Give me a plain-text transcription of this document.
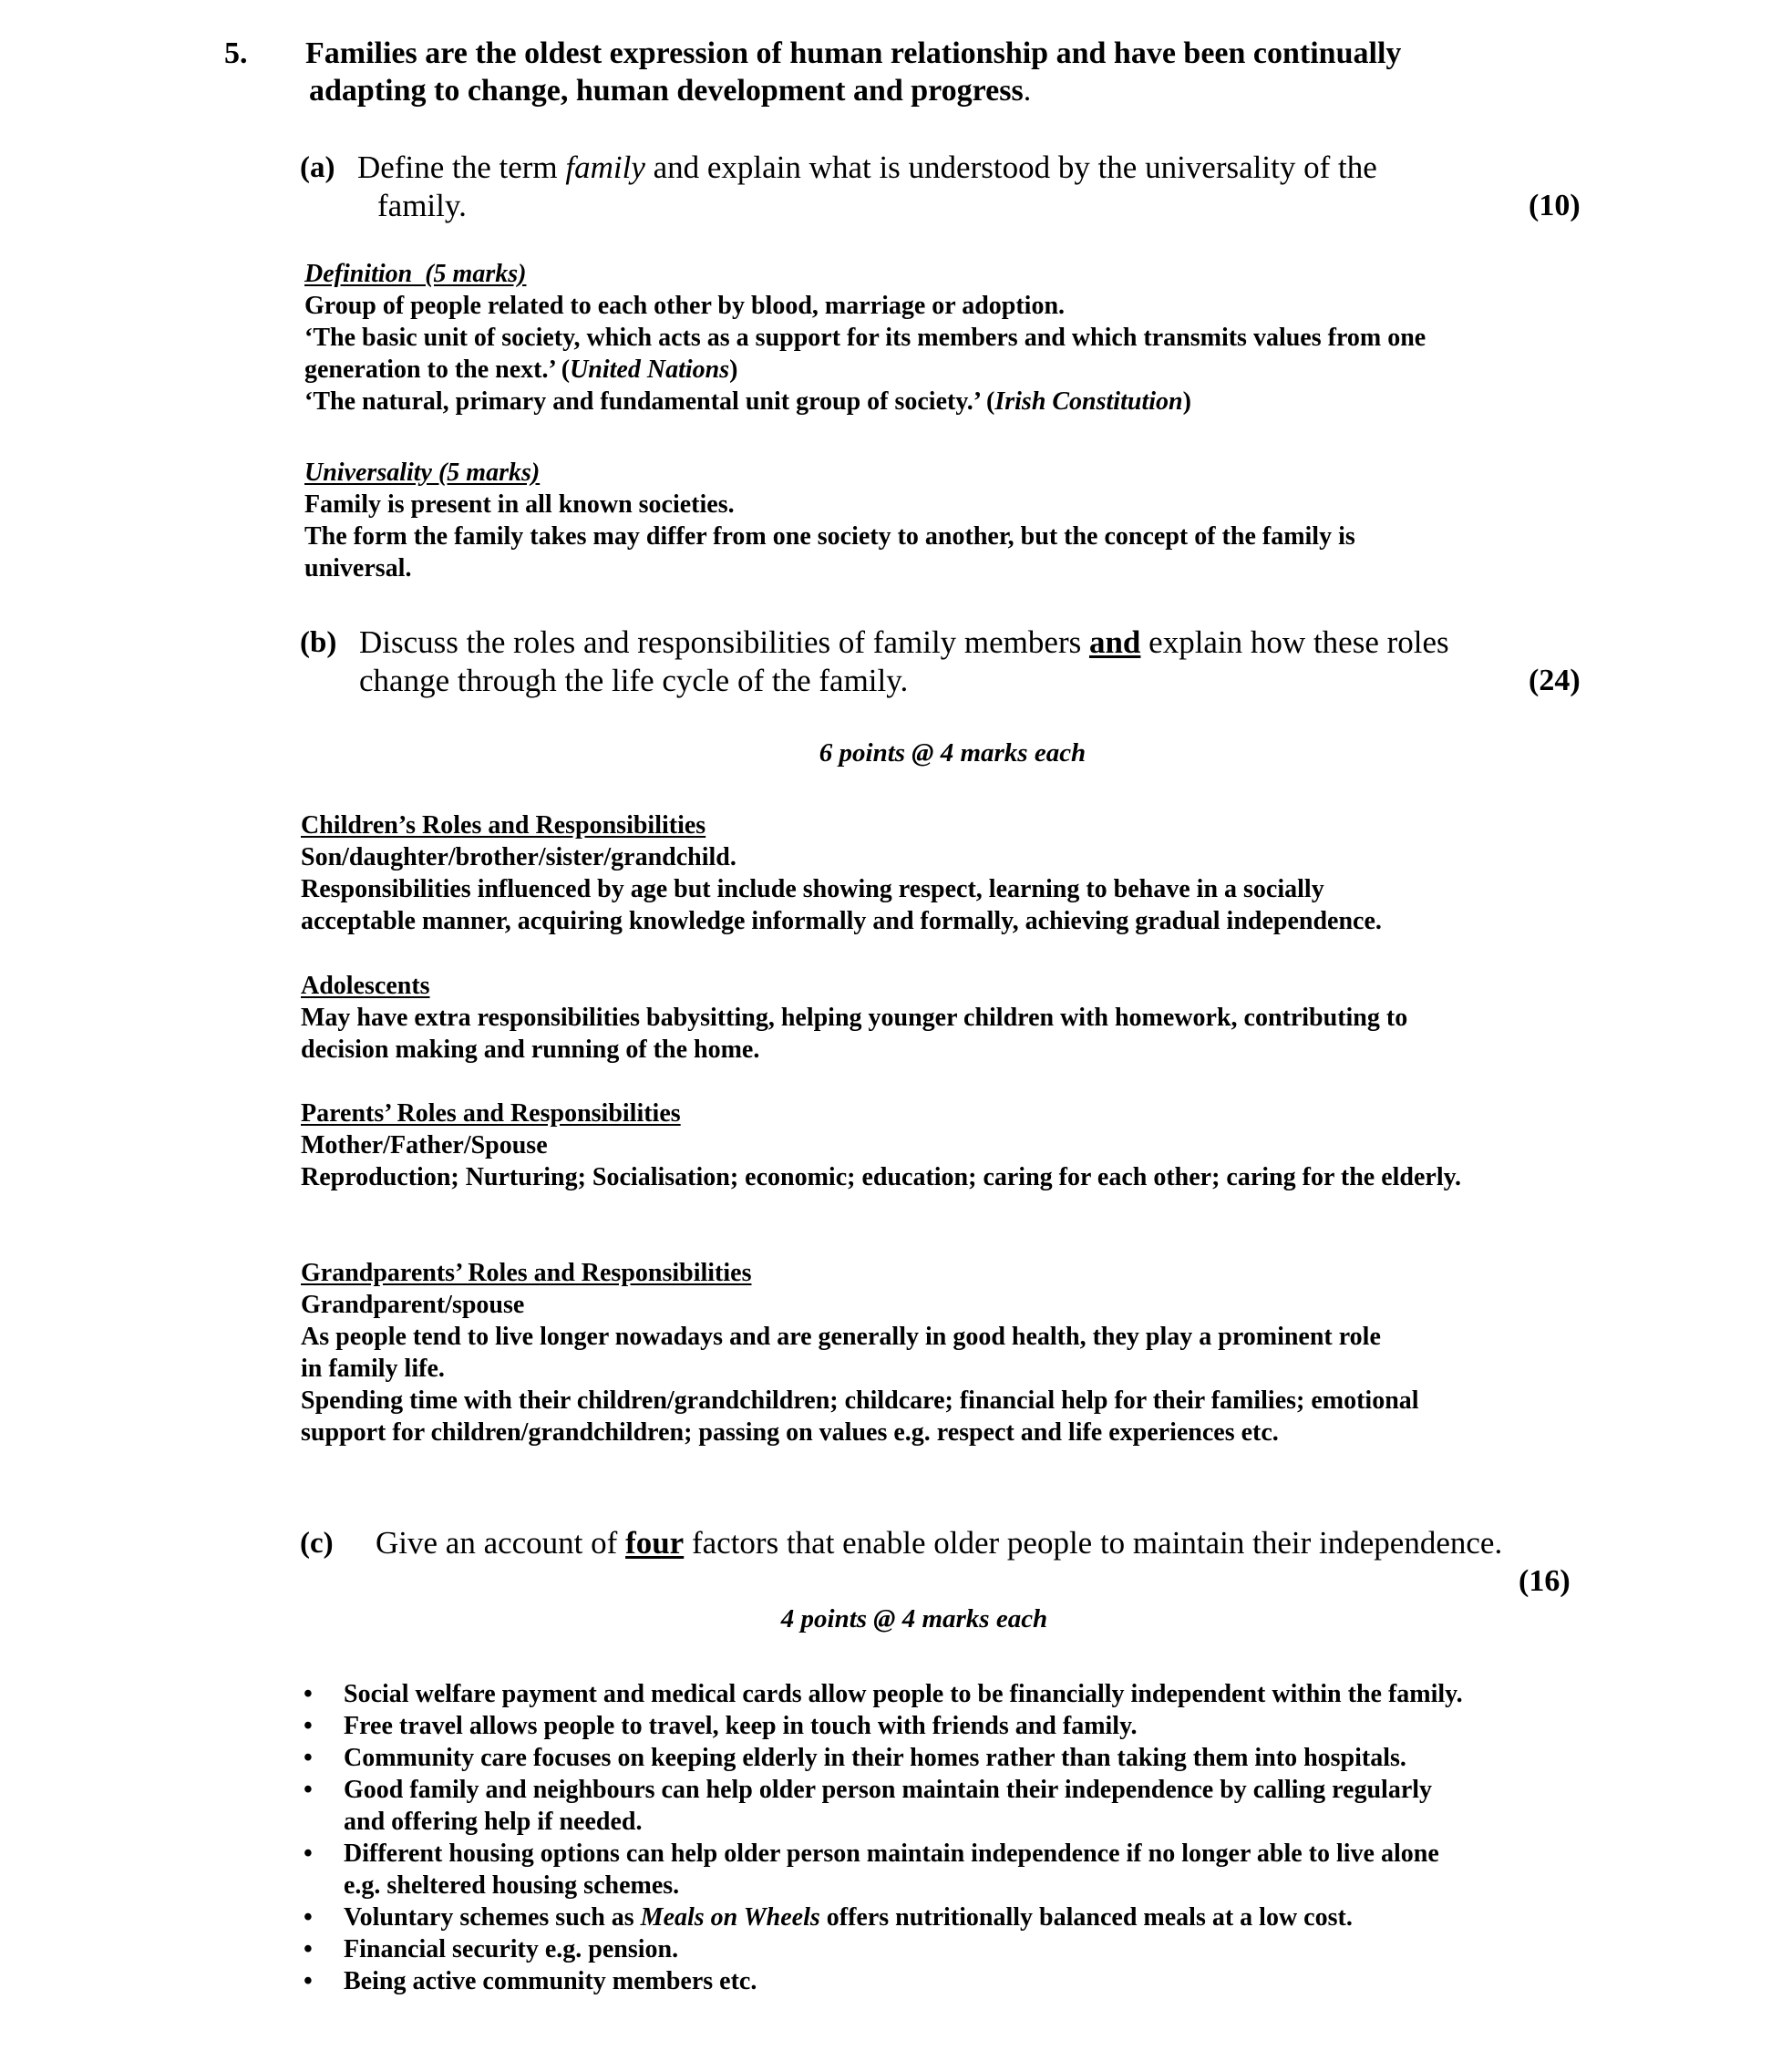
5. Families are the oldest expression of human relationship and have been continually
adapting to change, human development and progress.
(a) Define the term family and explain what is understood by the universality of the
family.	(10)
Definition  (5 marks)
Group of people related to each other by blood, marriage or adoption.
‘The basic unit of society, which acts as a support for its members and which transmits values from one
generation to the next.’ (United Nations)
‘The natural, primary and fundamental unit group of society.’ (Irish Constitution)
Universality (5 marks)
Family is present in all known societies.
The form the family takes may differ from one society to another, but the concept of the family is
universal.
(b) Discuss the roles and responsibilities of family members and explain how these roles
change through the life cycle of the family.	(24)
6 points @ 4 marks each
Children’s Roles and Responsibilities
Son/daughter/brother/sister/grandchild.
Responsibilities influenced by age but include showing respect, learning to behave in a socially
acceptable manner, acquiring knowledge informally and formally, achieving gradual independence.
Adolescents
May have extra responsibilities babysitting, helping younger children with homework, contributing to
decision making and running of the home.
Parents’ Roles and Responsibilities
Mother/Father/Spouse
Reproduction; Nurturing; Socialisation; economic; education; caring for each other; caring for the elderly.
Grandparents’ Roles and Responsibilities
Grandparent/spouse
As people tend to live longer nowadays and are generally in good health, they play a prominent role
in family life.
Spending time with their children/grandchildren; childcare; financial help for their families; emotional
support for children/grandchildren; passing on values e.g. respect and life experiences etc.
(c) Give an account of four factors that enable older people to maintain their independence.
(16)
4 points @ 4 marks each
• Social welfare payment and medical cards allow people to be financially independent within the family.
• Free travel allows people to travel, keep in touch with friends and family.
• Community care focuses on keeping elderly in their homes rather than taking them into hospitals.
• Good family and neighbours can help older person maintain their independence by calling regularly
and offering help if needed.
• Different housing options can help older person maintain independence if no longer able to live alone
e.g. sheltered housing schemes.
• Voluntary schemes such as Meals on Wheels offers nutritionally balanced meals at a low cost.
• Financial security e.g. pension.
• Being active community members etc.
